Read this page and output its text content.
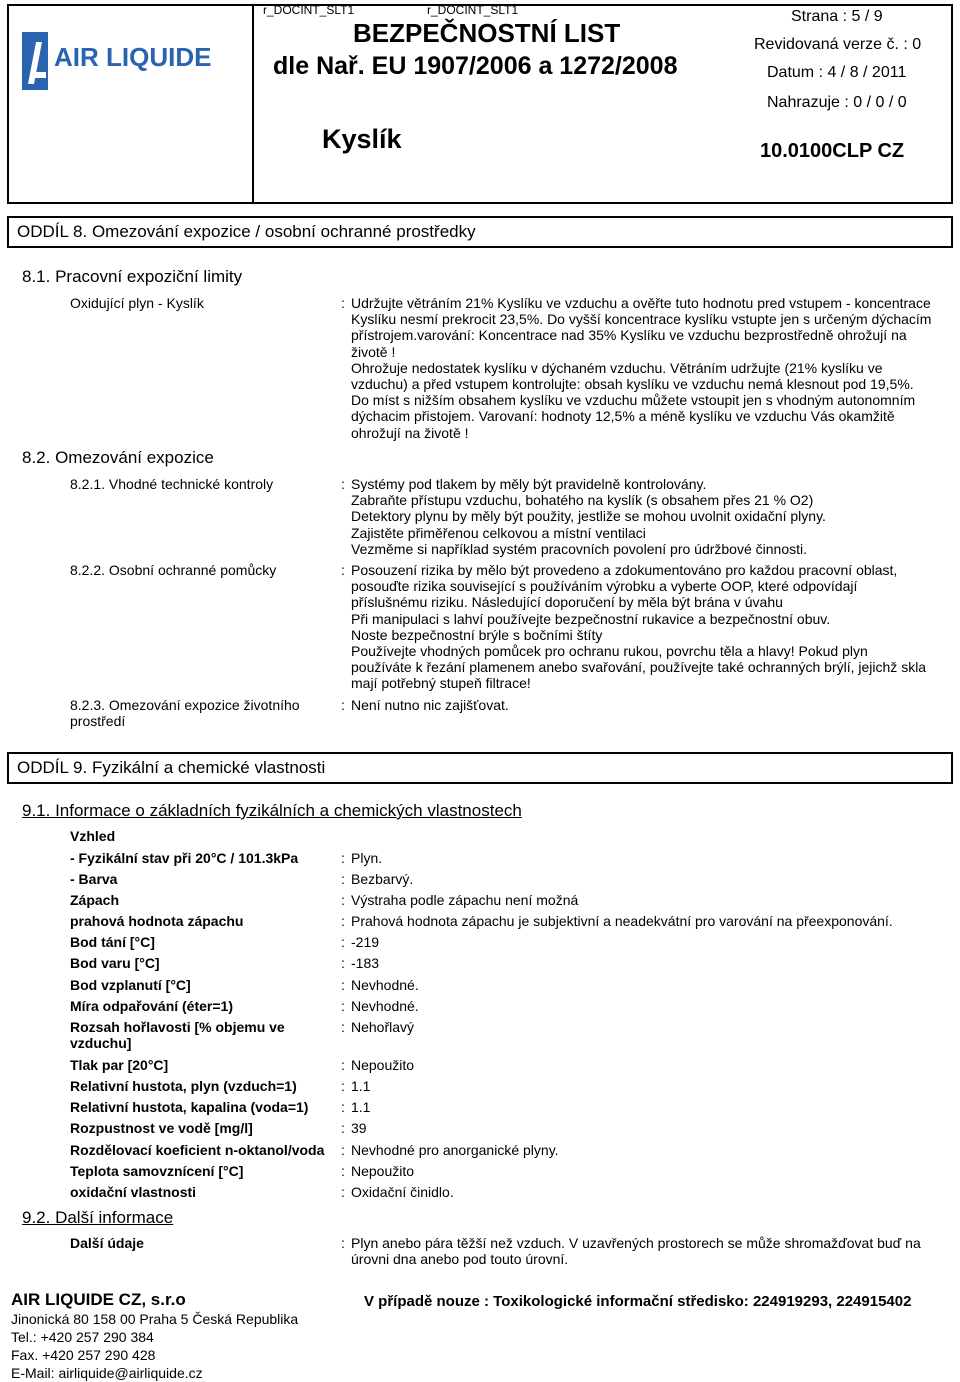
AIR LIQUIDE
r_DOCINT_SLT1	r_DOCINT_SLT1
BEZPEČNOSTNÍ LIST
dle Nař. EU 1907/2006 a 1272/2008
Kyslík
Strana : 5 / 9
Revidovaná verze č. : 0
Datum : 4 / 8 / 2011
Nahrazuje : 0 / 0 / 0
10.0100CLP CZ
ODDÍL 8. Omezování expozice / osobní ochranné prostředky
8.1. Pracovní expoziční limity
Oxidující plyn - Kyslík	: Udržujte větráním 21% Kyslíku ve vzduchu a ověřte tuto hodnotu pred vstupem - koncentrace
Kyslíku nesmí prekrocit 23,5%. Do vyšší koncentrace kyslíku vstupte jen s určeným dýchacím
přístrojem.varování: Koncentrace nad 35% Kyslíku ve vzduchu bezprostředně ohrožují na
životě !
Ohrožuje nedostatek kyslíku v dýchaném vzduchu. Větráním udržujte (21% kyslíku ve
vzduchu) a před vstupem kontrolujte: obsah kyslíku ve vzduchu nemá klesnout pod 19,5%.
Do míst s nižším obsahem kyslíku ve vzduchu můžete vstoupit jen s vhodným autonomním
dýchacim přistojem. Varovaní: hodnoty 12,5% a méně kyslíku ve vzduchu Vás okamžitě
ohrožují na životě !
8.2. Omezování expozice
8.2.1. Vhodné technické kontroly	: Systémy pod tlakem by měly být pravidelně kontrolovány.
Zabraňte přístupu vzduchu, bohatého na kyslík (s obsahem přes 21 % O2)
Detektory plynu by měly být použity, jestliže se mohou uvolnit oxidační plyny.
Zajistěte přiměřenou celkovou a místní ventilaci
Vezměme si například systém pracovních povolení pro údržbové činnosti.
8.2.2. Osobní ochranné pomůcky	: Posouzení rizika by mělo být provedeno a zdokumentováno pro každou pracovní oblast,
posouďte rizika související s používáním výrobku a vyberte OOP, které odpovídají
příslušnému riziku. Následující doporučení by měla být brána v úvahu
Při manipulaci s lahví používejte bezpečnostní rukavice a bezpečnostní obuv.
Noste bezpečnostní brýle s bočními štíty
Používejte vhodných pomůcek pro ochranu rukou, povrchu těla a hlavy! Pokud plyn
používáte k řezání plamenem anebo svařování, používejte také ochranných brýlí, jejichž skla
mají potřebný stupeň filtrace!
8.2.3. Omezování expozice životního
prostředí
: Není nutno nic zajišťovat.
ODDÍL 9. Fyzikální a chemické vlastnosti
9.1. Informace o základních fyzikálních a chemických vlastnostech
Vzhled
- Fyzikální stav při 20°C / 101.3kPa	: Plyn.
- Barva	: Bezbarvý.
Zápach	: Výstraha podle zápachu není možná
prahová hodnota zápachu	: Prahová hodnota zápachu je subjektivní a neadekvátní pro varování na přeexponování.
Bod tání [°C]	: -219
Bod varu [°C]	: -183
Bod vzplanutí [°C]	: Nevhodné.
Míra odpařování (éter=1)	: Nevhodné.
Rozsah hořlavosti [% objemu ve
vzduchu]
: Nehořlavý
Tlak par [20°C]	: Nepoužito
Relativní hustota, plyn (vzduch=1)	: 1.1
Relativní hustota, kapalina (voda=1) : 1.1
Rozpustnost ve vodě [mg/l]	: 39
Rozdělovací koeficient n-oktanol/voda : Nevhodné pro anorganické plyny.
Teplota samovznícení [°C]	: Nepoužito
oxidační vlastnosti	: Oxidační činidlo.
9.2. Další informace
Další údaje	: Plyn anebo pára těžší než vzduch. V uzavřených prostorech se může shromažďovat buď na
úrovni dna anebo pod touto úrovní.
AIR LIQUIDE CZ, s.r.o
Jinonická 80 158 00 Praha 5 Česká Republika
Tel.: +420 257 290 384
Fax. +420 257 290 428
E-Mail: airliquide@airliquide.cz
V případě nouze : Toxikologické informační středisko: 224919293, 224915402
